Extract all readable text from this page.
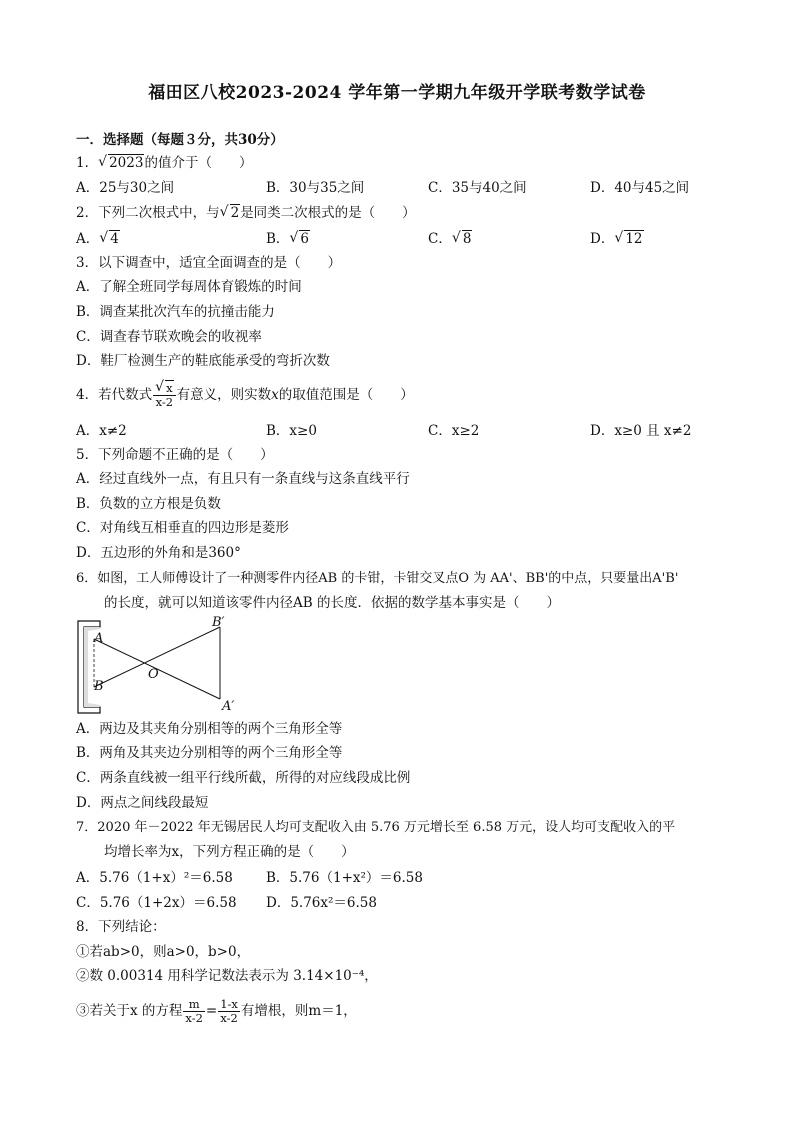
福田区八校2023-2024 学年第一学期九年级开学联考数学试卷
一．选择题（每题３分，共30分）
1． √ 2023的值介于（　　）
A．25与30之间	B．30与35之间	C．35与40之间	D．40与45之间
2．下列二次根式中，与 √ 2是同类二次根式的是（　　）
A． √ 4	B． √ 6	C． √ 8	D． √ 12
3．以下调查中，适宜全面调查的是（　　）
A．了解全班同学每周体育锻炼的时间
B．调查某批次汽车的抗撞击能力
C．调查春节联欢晚会的收视率
D．鞋厂检测生产的鞋底能承受的弯折次数
4．若代数式 √ $\frac{x}{x-2}$ 有意义，则实数x的取值范围是（　　）
A．x≠2	B．x≥0	C．x≥2	D．x≥0 且 x≠2
5．下列命题不正确的是（　　）
A．经过直线外一点，有且只有一条直线与这条直线平行
B．负数的立方根是负数
C．对角线互相垂直的四边形是菱形
D．五边形的外角和是360°
6．如图，工人师傅设计了一种测零件内径AB 的卡钳，卡钳交叉点O 为 AA'、BB'的中点，只要量出A'B'
的长度，就可以知道该零件内径AB 的长度．依据的数学基本事实是（　　）
A
B
O
B′
A′
A．两边及其夹角分别相等的两个三角形全等
B．两角及其夹边分别相等的两个三角形全等
C．两条直线被一组平行线所截，所得的对应线段成比例
D．两点之间线段最短
7．2020 年－2022 年无锡居民人均可支配收入由 5.76 万元增长至 6.58 万元，设人均可支配收入的平
均增长率为x，下列方程正确的是（　　）
A．5.76（1+x）²＝6.58 B．5.76（1+x²）＝6.58
C．5.76（1+2x）＝6.58 D．5.76x²＝6.58
8．下列结论：
①若ab>0，则a>0，b>0，
②数 0.00314 用科学记数法表示为 3.14×10⁻⁴，
③若关于x 的方程 $\frac{m}{x-2} = \frac{1-x}{x-2}$ 有增根，则m＝1，
